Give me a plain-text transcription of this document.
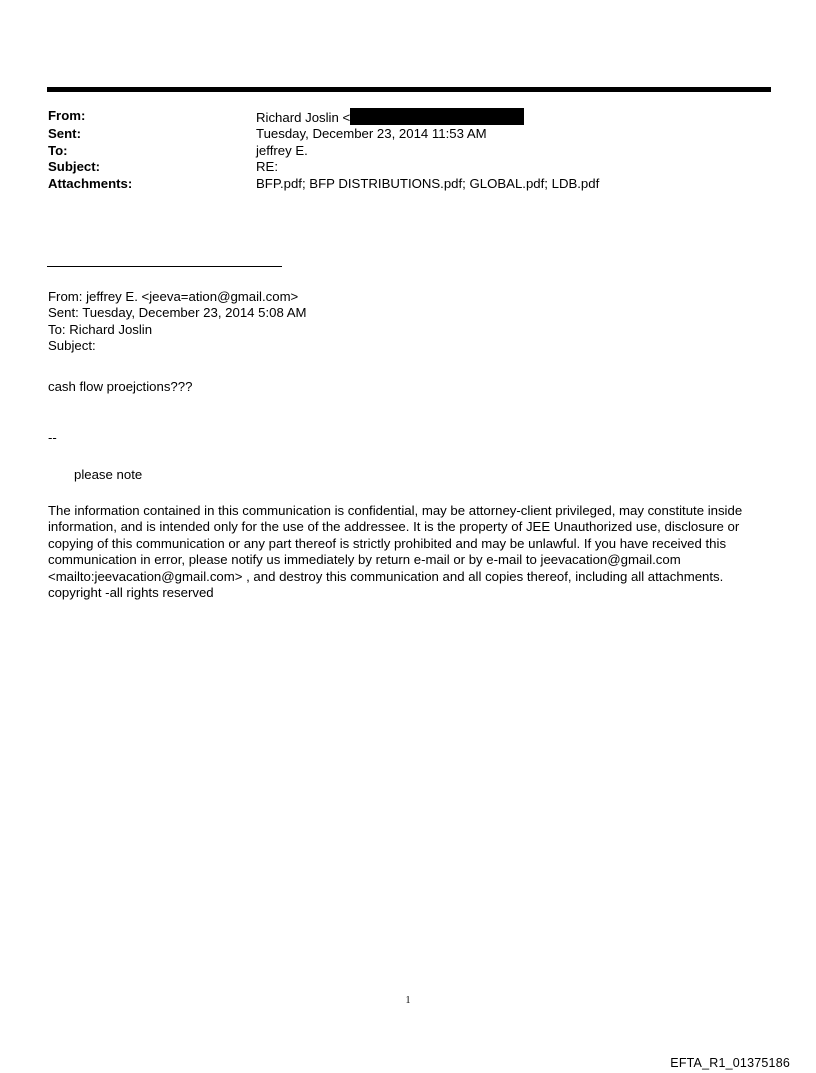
From:	Richard Joslin <
Sent:	Tuesday, December 23, 2014 11:53 AM
To:	jeffrey E.
Subject:	RE:
Attachments:	BFP.pdf; BFP DISTRIBUTIONS.pdf; GLOBAL.pdf; LDB.pdf
From: jeffrey E. <jeeva=ation@gmail.com>
Sent: Tuesday, December 23, 2014 5:08 AM
To: Richard Joslin
Subject:
cash flow proejctions???
--
please note
The information contained in this communication is confidential, may be attorney-client privileged, may constitute inside information, and is intended only for the use of the addressee. It is the property of JEE Unauthorized use, disclosure or copying of this communication or any part thereof is strictly prohibited and may be unlawful. If you have received this communication in error, please notify us immediately by return e-mail or by e-mail to jeevacation@gmail.com <mailto:jeevacation@gmail.com> , and destroy this communication and all copies thereof, including all attachments. copyright -all rights reserved
1
EFTA_R1_01375186
